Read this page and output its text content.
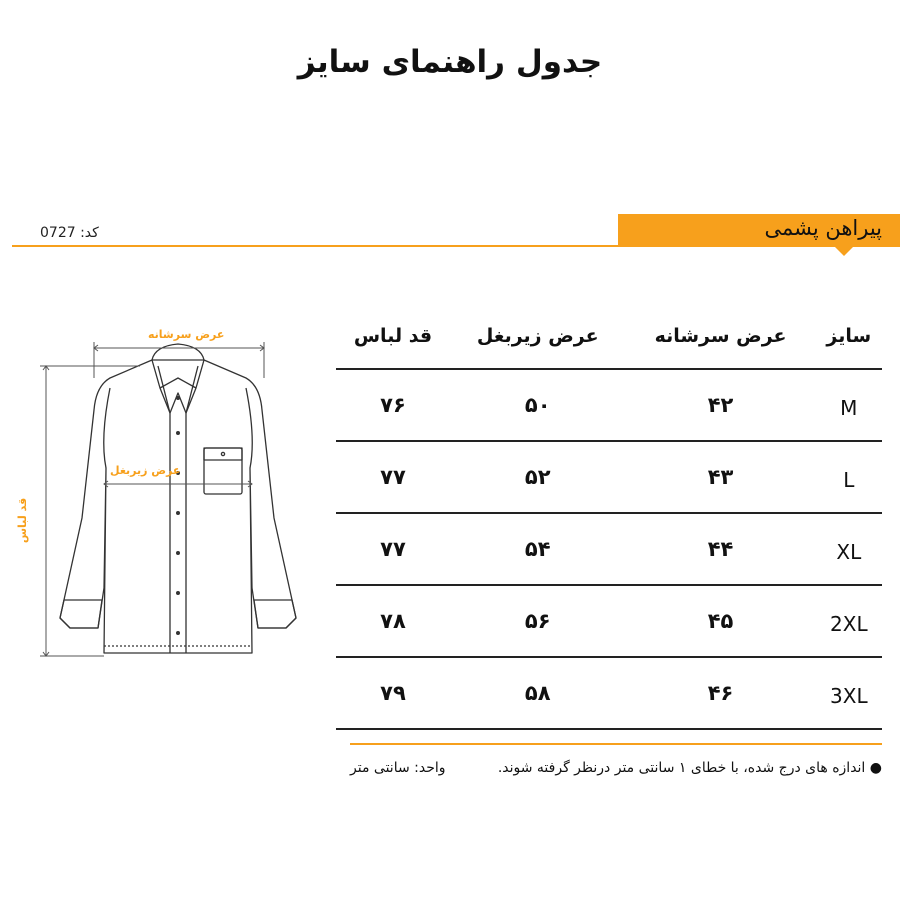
جدول راهنمای سایز
پیراهن پشمی
کد: 0727
عرض سرشانه
عرض زیربغل
قد لباس
سایز	عرض سرشانه	عرض زیربغل	قد لباس
M	۴۲	۵۰	۷۶
L	۴۳	۵۲	۷۷
XL	۴۴	۵۴	۷۷
2XL	۴۵	۵۶	۷۸
3XL	۴۶	۵۸	۷۹
● اندازه های درج شده، با خطای ۱ سانتی متر درنظر گرفته شوند.
واحد: سانتی متر
